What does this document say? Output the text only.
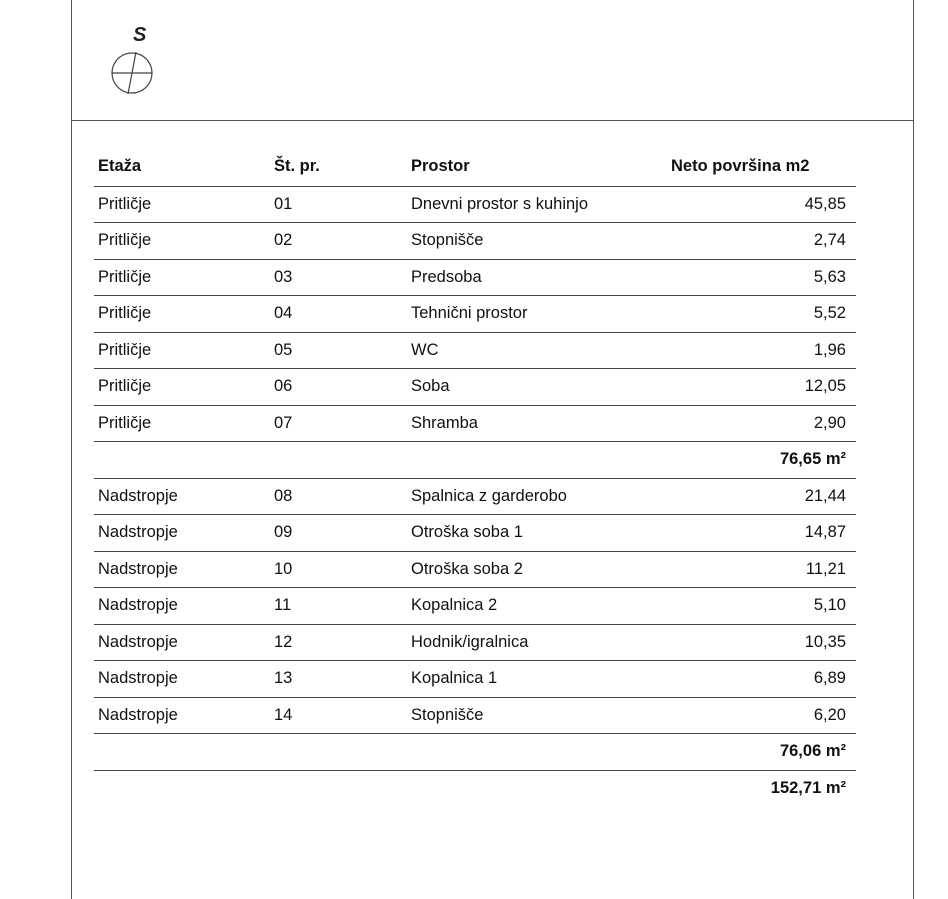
S
Etaža	Št. pr.	Prostor	Neto površina m2
Pritličje	01	Dnevni prostor s kuhinjo	45,85
Pritličje	02	Stopnišče	2,74
Pritličje	03	Predsoba	5,63
Pritličje	04	Tehnični prostor	5,52
Pritličje	05	WC	1,96
Pritličje	06	Soba	12,05
Pritličje	07	Shramba	2,90
			76,65 m²
Nadstropje	08	Spalnica z garderobo	21,44
Nadstropje	09	Otroška soba 1	14,87
Nadstropje	10	Otroška soba 2	11,21
Nadstropje	11	Kopalnica 2	5,10
Nadstropje	12	Hodnik/igralnica	10,35
Nadstropje	13	Kopalnica 1	6,89
Nadstropje	14	Stopnišče	6,20
			76,06 m²
			152,71 m²
